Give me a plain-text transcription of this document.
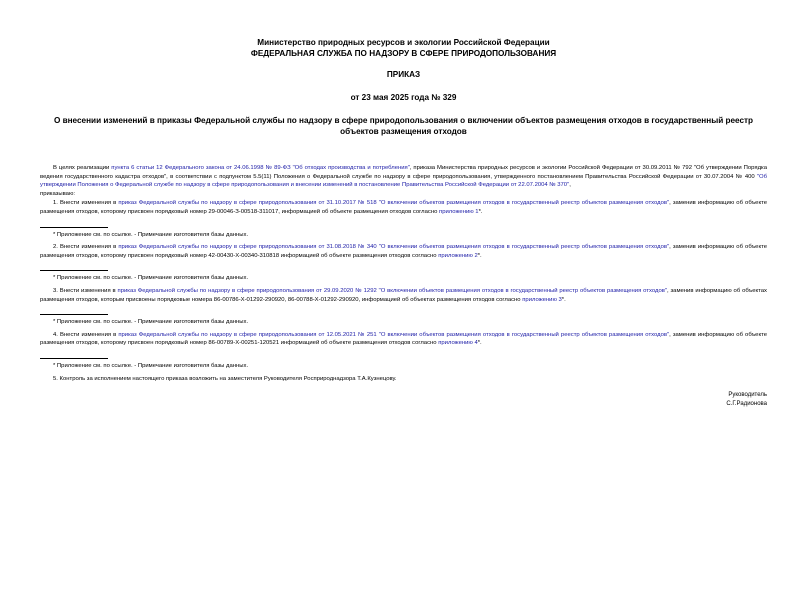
Министерство природных ресурсов и экологии Российской Федерации
ФЕДЕРАЛЬНАЯ СЛУЖБА ПО НАДЗОРУ В СФЕРЕ ПРИРОДОПОЛЬЗОВАНИЯ
ПРИКАЗ
от 23 мая 2025 года № 329
О внесении изменений в приказы Федеральной службы по надзору в сфере природопользования о включении объектов размещения отходов в государственный реестр объектов размещения отходов

В целях реализации пункта 6 статьи 12 Федерального закона от 24.06.1998 № 89-ФЗ "Об отходах производства и потребления", приказа Министерства природных ресурсов и экологии Российской Федерации от 30.09.2011 № 792 "Об утверждении Порядка ведения государственного кадастра отходов", в соответствии с подпунктом 5.5(11) Положения о Федеральной службе по надзору в сфере природопользования, утвержденного постановлением Правительства Российской Федерации от 30.07.2004 № 400 "Об утверждении Положения о Федеральной службе по надзору в сфере природопользования и внесении изменений в постановление Правительства Российской Федерации от 22.07.2004 № 370",

приказываю:

1. Внести изменения в приказ Федеральной службы по надзору в сфере природопользования от 31.10.2017 № 518 "О включении объектов размещения отходов в государственный реестр объектов размещения отходов", заменив информацию об объекте размещения отходов, которому присвоен порядковый номер 29-00046-З-00518-311017, информацией об объекте размещения отходов согласно приложению 1*.

* Приложение см. по ссылке. - Примечание изготовителя базы данных.

2. Внести изменения в приказ Федеральной службы по надзору в сфере природопользования от 31.08.2018 № 340 "О включении объектов размещения отходов в государственный реестр объектов размещения отходов", заменив информацию об объекте размещения отходов, которому присвоен порядковый номер 42-00430-Х-00340-310818 информацией об объекте размещения отходов согласно приложению 2*.

* Приложение см. по ссылке. - Примечание изготовителя базы данных.

3. Внести изменения в приказ Федеральной службы по надзору в сфере природопользования от 29.09.2020 № 1292 "О включении объектов размещения отходов в государственный реестр объектов размещения отходов", заменив информацию об объектах размещения отходов, которым присвоены порядковые номера 86-00786-Х-01292-290920, 86-00788-Х-01292-290920, информацией об объектах размещения отходов согласно приложению 3*.

* Приложение см. по ссылке. - Примечание изготовителя базы данных.

4. Внести изменения в приказ Федеральной службы по надзору в сфере природопользования от 12.05.2021 № 251 "О включении объектов размещения отходов в государственный реестр объектов размещения отходов", заменив информацию об объекте размещения отходов, которому присвоен порядковый номер 86-00789-Х-00251-120521 информацией об объекте размещения отходов согласно приложению 4*.

* Приложение см. по ссылке. - Примечание изготовителя базы данных.

5. Контроль за исполнением настоящего приказа возложить на заместителя Руководителя Росприроднадзора Т.А.Кузнецову.

Руководитель
С.Г.Радионова
